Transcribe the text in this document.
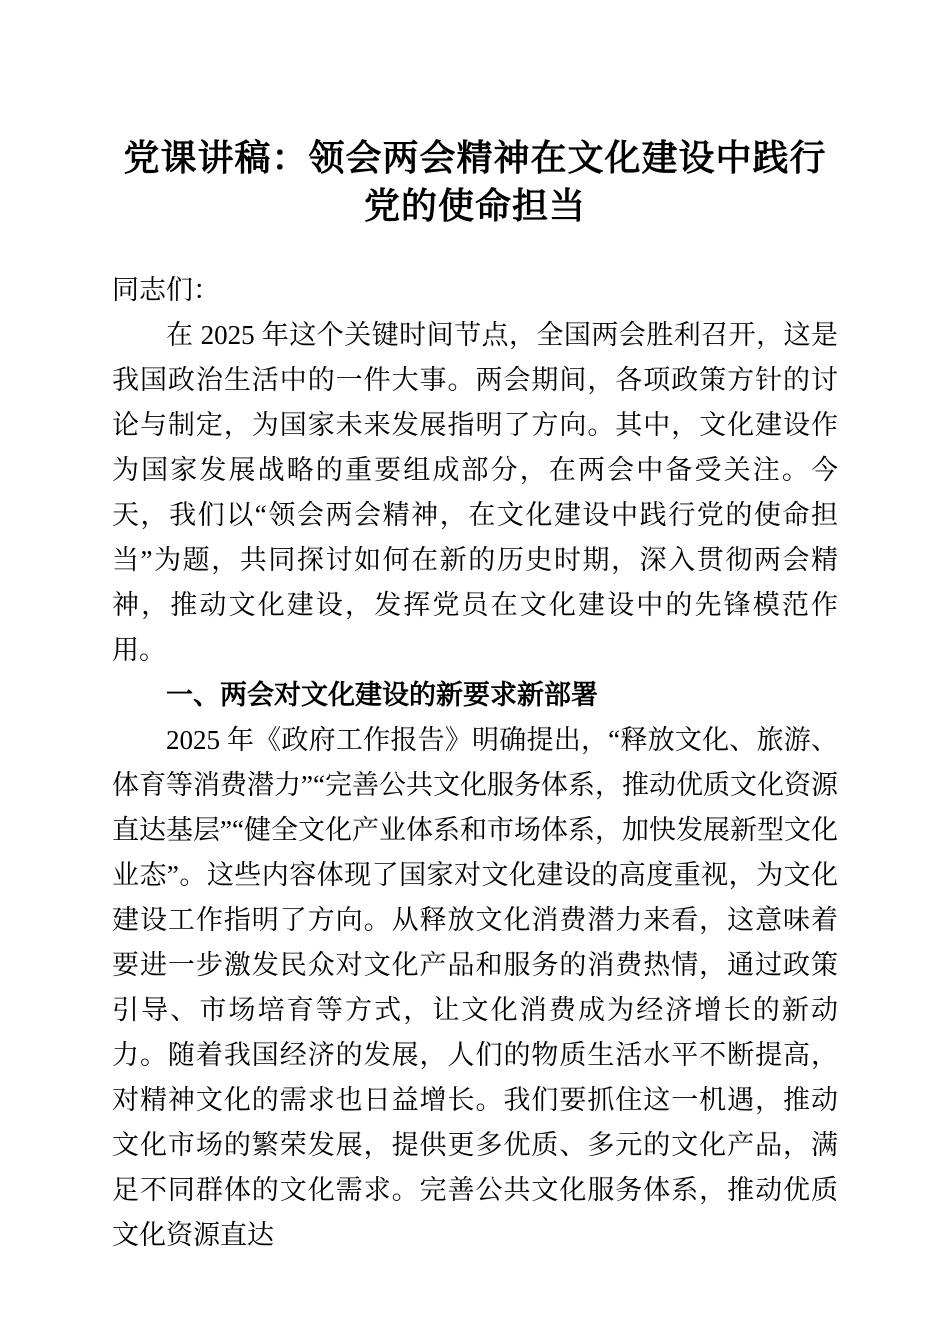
党课讲稿：领会两会精神在文化建设中践行党的使命担当

同志们：

在 2025 年这个关键时间节点，全国两会胜利召开，这是我国政治生活中的一件大事。两会期间，各项政策方针的讨论与制定，为国家未来发展指明了方向。其中，文化建设作为国家发展战略的重要组成部分，在两会中备受关注。今天，我们以“领会两会精神，在文化建设中践行党的使命担当”为题，共同探讨如何在新的历史时期，深入贯彻两会精神，推动文化建设，发挥党员在文化建设中的先锋模范作用。

一、两会对文化建设的新要求新部署

2025 年《政府工作报告》明确提出，“释放文化、旅游、体育等消费潜力”“完善公共文化服务体系，推动优质文化资源直达基层”“健全文化产业体系和市场体系，加快发展新型文化业态”。这些内容体现了国家对文化建设的高度重视，为文化建设工作指明了方向。从释放文化消费潜力来看，这意味着要进一步激发民众对文化产品和服务的消费热情，通过政策引导、市场培育等方式，让文化消费成为经济增长的新动力。随着我国经济的发展，人们的物质生活水平不断提高，对精神文化的需求也日益增长。我们要抓住这一机遇，推动文化市场的繁荣发展，提供更多优质、多元的文化产品，满足不同群体的文化需求。完善公共文化服务体系，推动优质文化资源直达
